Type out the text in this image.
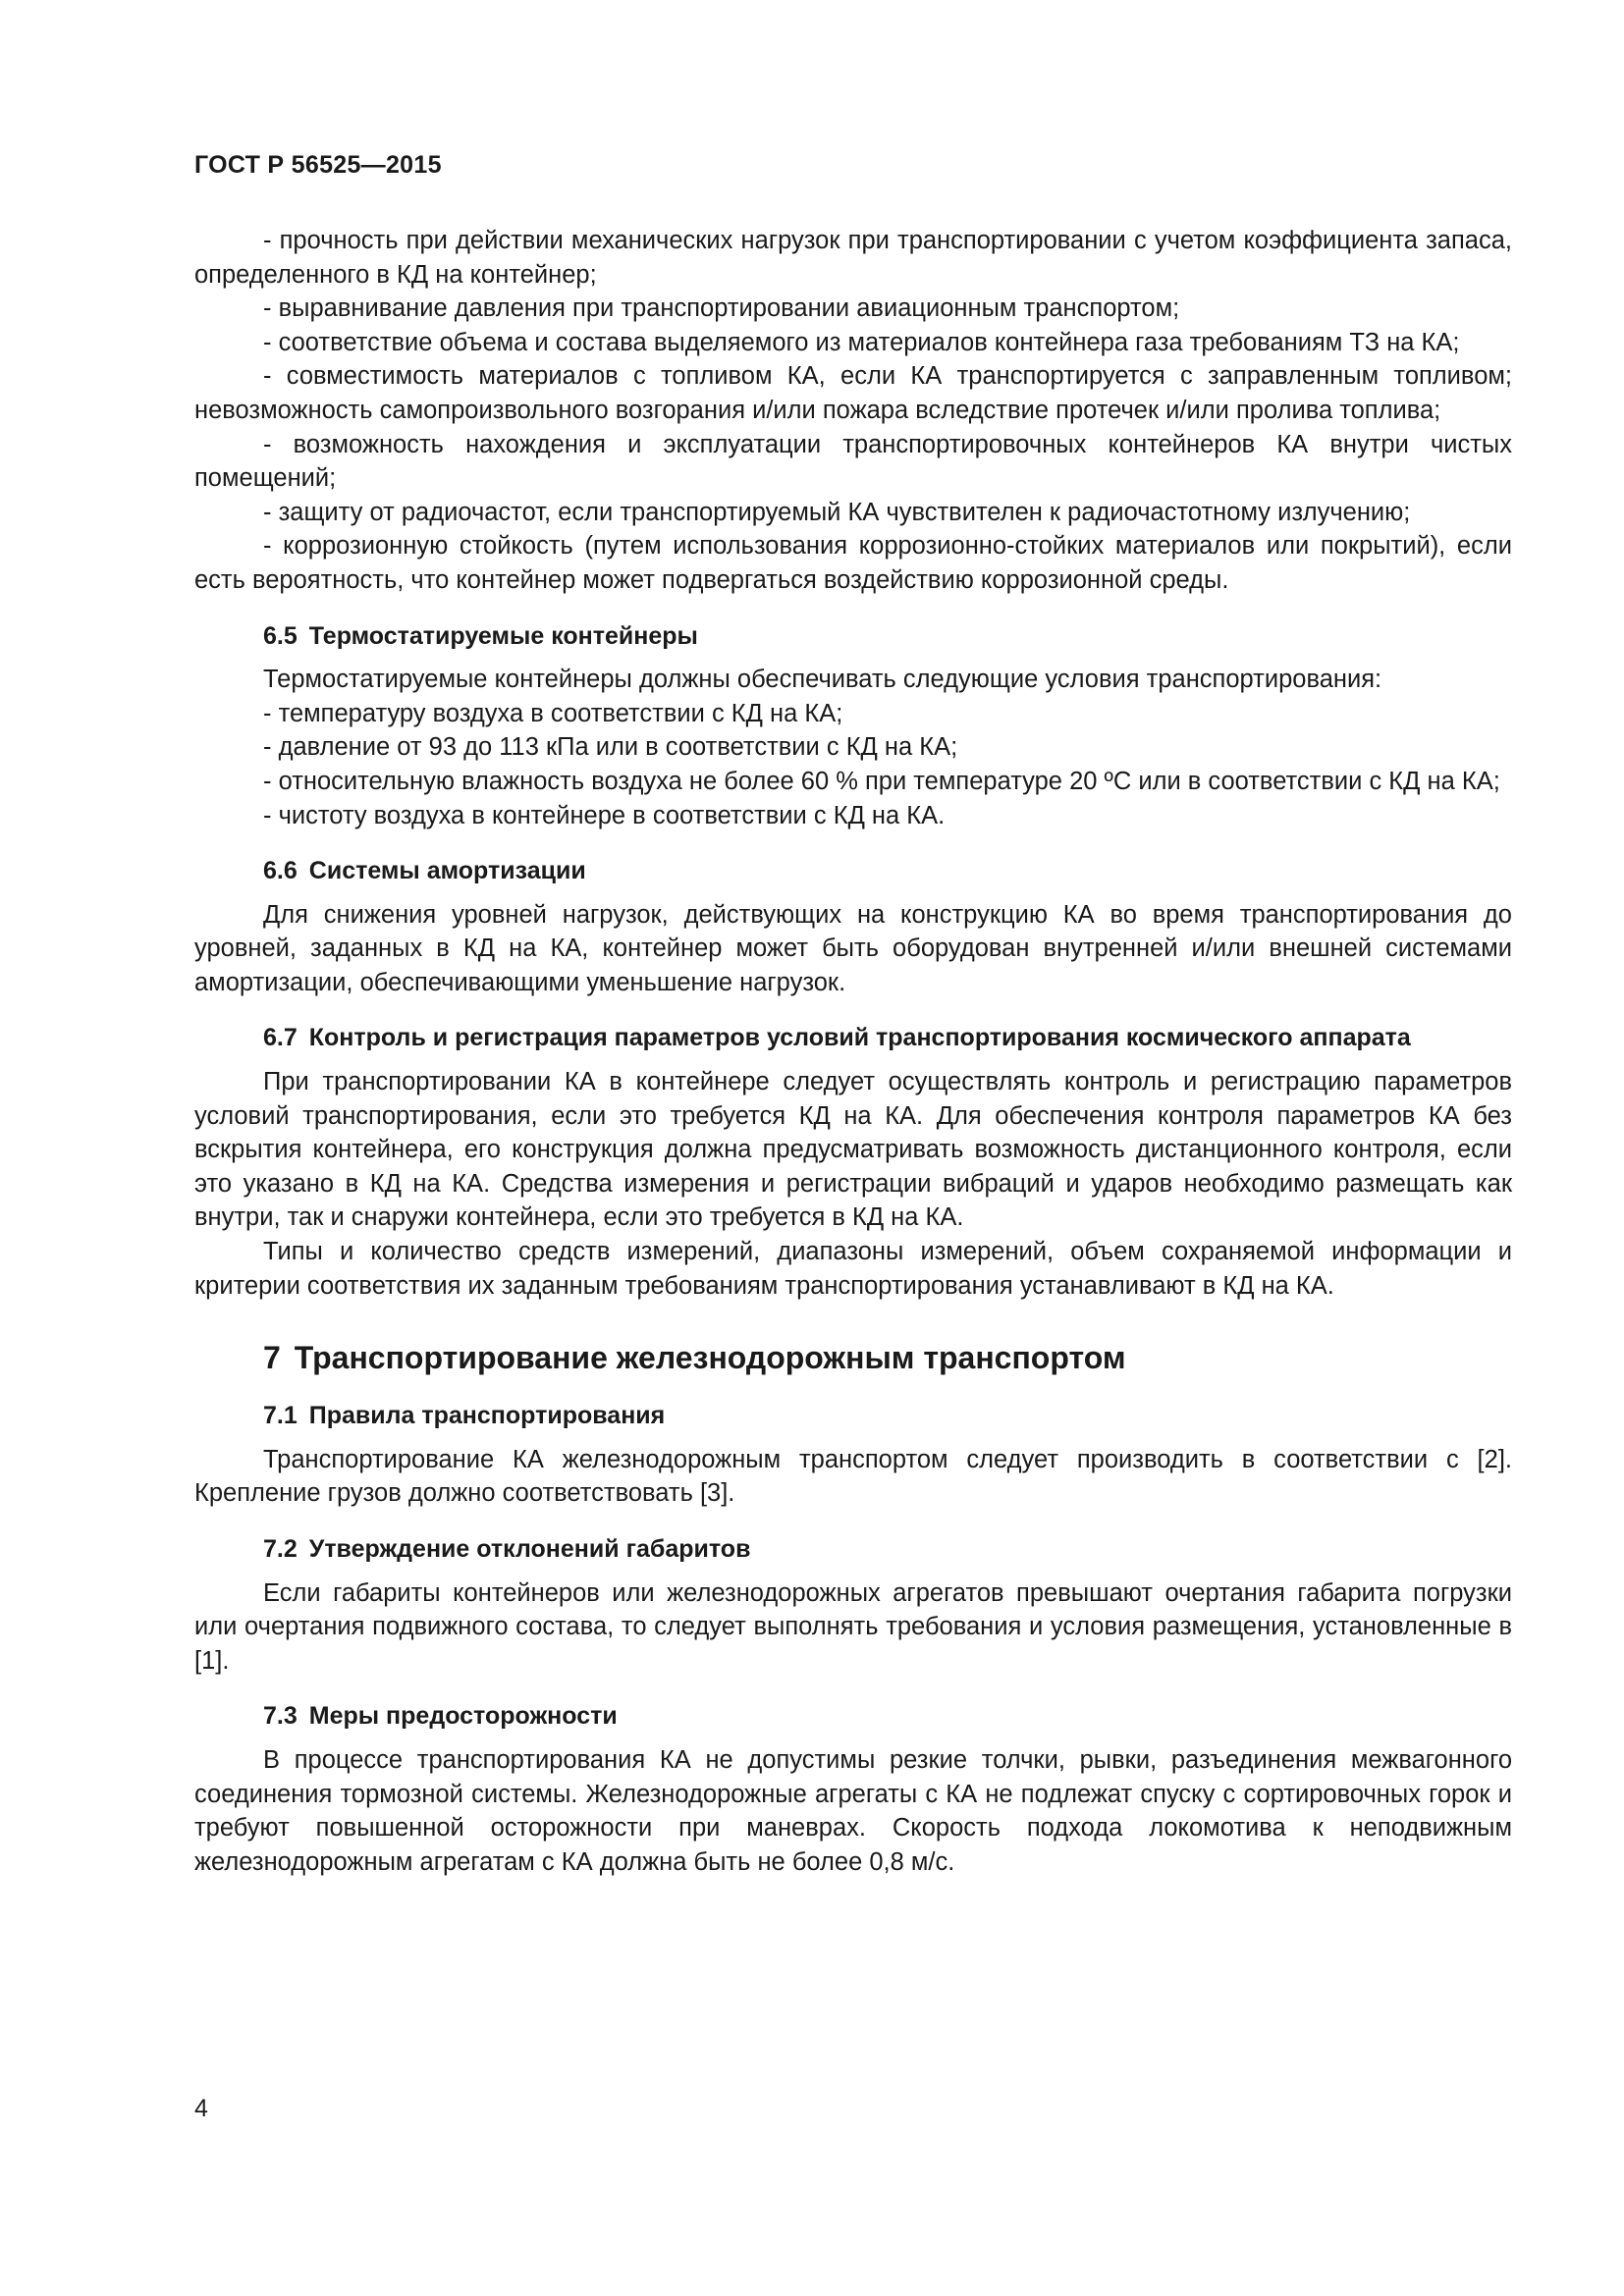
ГОСТ Р 56525—2015

- прочность при действии механических нагрузок при транспортировании с учетом коэффициента запаса, определенного в КД на контейнер;

- выравнивание давления при транспортировании авиационным транспортом;

- соответствие объема и состава выделяемого из материалов контейнера газа требованиям ТЗ на КА;

- совместимость материалов с топливом КА, если КА транспортируется с заправленным топливом; невозможность самопроизвольного возгорания и/или пожара вследствие протечек и/или пролива топлива;

- возможность нахождения и эксплуатации транспортировочных контейнеров КА внутри чистых помещений;

- защиту от радиочастот, если транспортируемый КА чувствителен к радиочастотному излучению;

- коррозионную стойкость (путем использования коррозионно-стойких материалов или покрытий), если есть вероятность, что контейнер может подвергаться воздействию коррозионной среды.

6.5 Термостатируемые контейнеры

Термостатируемые контейнеры должны обеспечивать следующие условия транспортирования:

- температуру воздуха в соответствии с КД на КА;

- давление от 93 до 113 кПа или в соответствии с КД на КА;

- относительную влажность воздуха не более 60 % при температуре 20 ºС или в соответствии с КД на КА;

- чистоту воздуха в контейнере в соответствии с КД на КА.

6.6 Системы амортизации

Для снижения уровней нагрузок, действующих на конструкцию КА во время транспортирования до уровней, заданных в КД на КА, контейнер может быть оборудован внутренней и/или внешней системами амортизации, обеспечивающими уменьшение нагрузок.

6.7 Контроль и регистрация параметров условий транспортирования космического аппарата

При транспортировании КА в контейнере следует осуществлять контроль и регистрацию параметров условий транспортирования, если это требуется КД на КА. Для обеспечения контроля параметров КА без вскрытия контейнера, его конструкция должна предусматривать возможность дистанционного контроля, если это указано в КД на КА. Средства измерения и регистрации вибраций и ударов необходимо размещать как внутри, так и снаружи контейнера, если это требуется в КД на КА.

Типы и количество средств измерений, диапазоны измерений, объем сохраняемой информации и критерии соответствия их заданным требованиям транспортирования устанавливают в КД на КА.

7 Транспортирование железнодорожным транспортом
7.1 Правила транспортирования

Транспортирование КА железнодорожным транспортом следует производить в соответствии с [2]. Крепление грузов должно соответствовать [3].

7.2 Утверждение отклонений габаритов

Если габариты контейнеров или железнодорожных агрегатов превышают очертания габарита погрузки или очертания подвижного состава, то следует выполнять требования и условия размещения, установленные в [1].

7.3 Меры предосторожности

В процессе транспортирования КА не допустимы резкие толчки, рывки, разъединения межвагонного соединения тормозной системы. Железнодорожные агрегаты с КА не подлежат спуску с сортировочных горок и требуют повышенной осторожности при маневрах. Скорость подхода локомотива к неподвижным железнодорожным агрегатам с КА должна быть не более 0,8 м/с.

4
